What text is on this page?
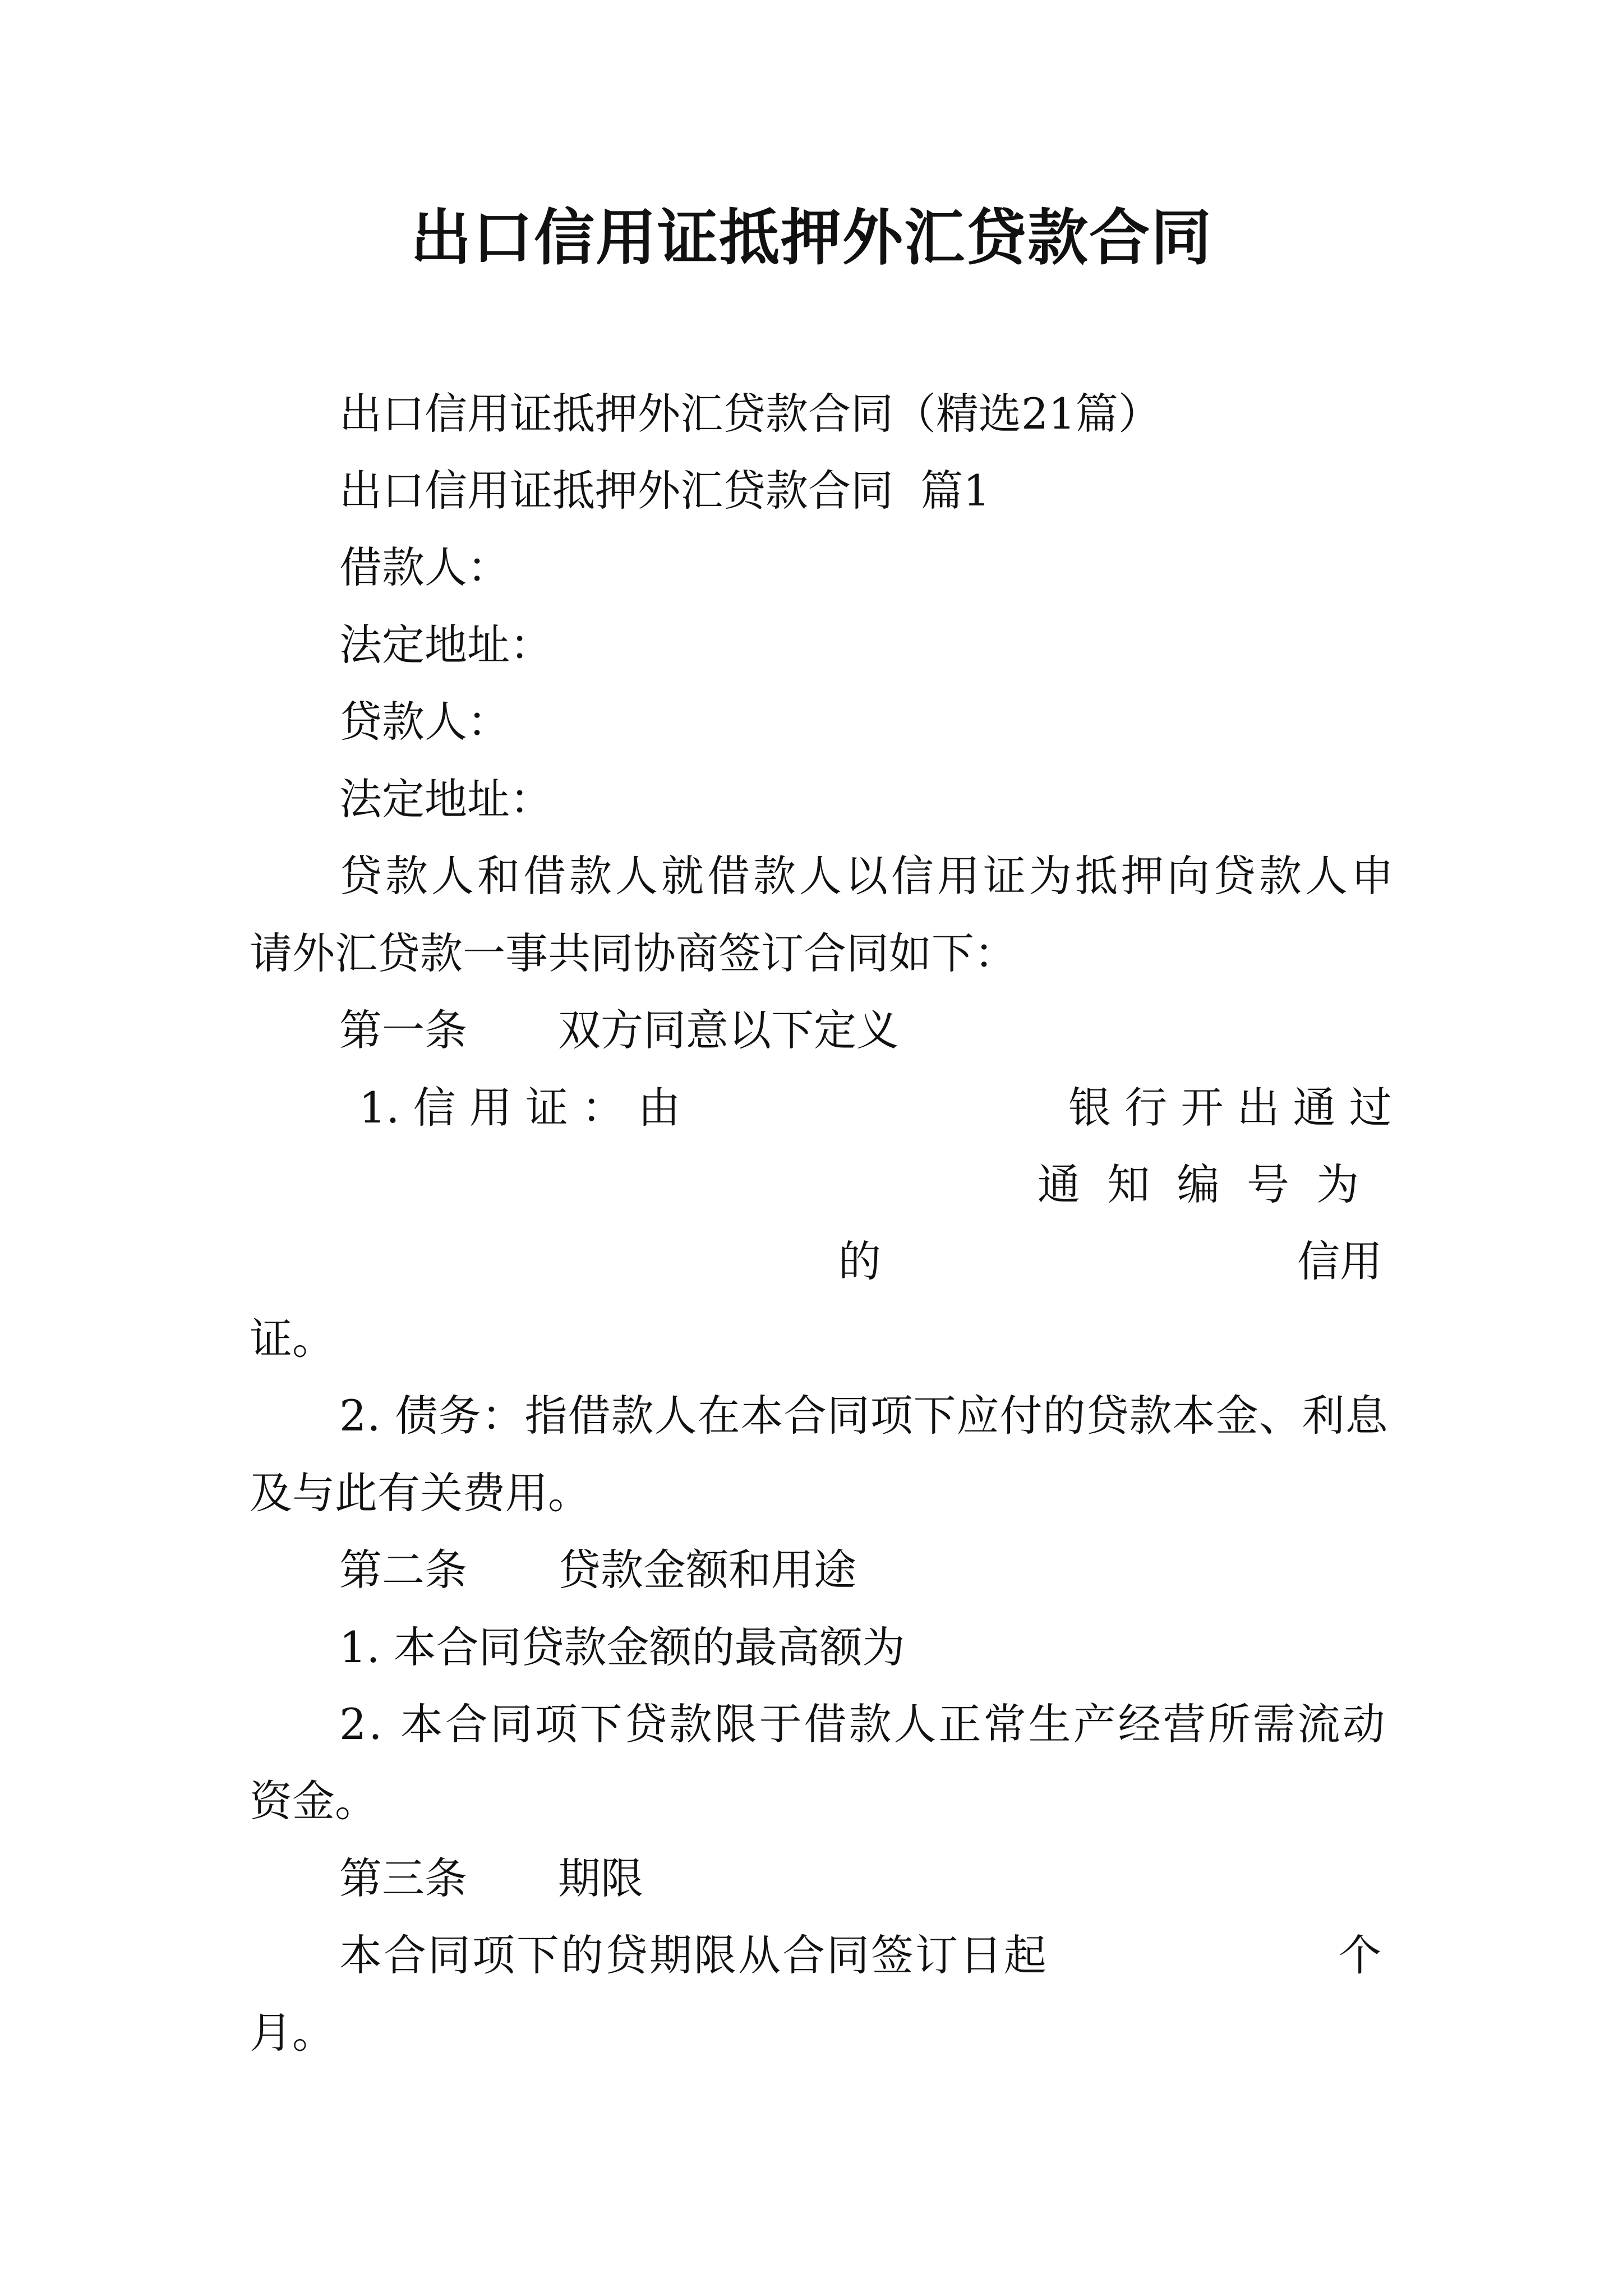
出口信用证抵押外汇贷款合同
出口信用证抵押外汇贷款合同（精选21篇）
出口信用证抵押外汇贷款合同  篇1
借款人：
法定地址：
贷款人：
法定地址：
贷款人和借款人就借款人以信用证为抵押向贷款人申
请外汇贷款一事共同协商签订合同如下：
第一条 双方同意以下定义
1. 信 用 证 ： 由	银 行 开 出 通 过
通  知  编  号  为
的	信用
证。
2. 债务：指借款人在本合同项下应付的贷款本金、利息
及与此有关费用。
第二条 贷款金额和用途
1. 本合同贷款金额的最高额为
2. 本合同项下贷款限于借款人正常生产经营所需流动
资金。
第三条 期限
本合同项下的贷期限从合同签订日起	个
月。
